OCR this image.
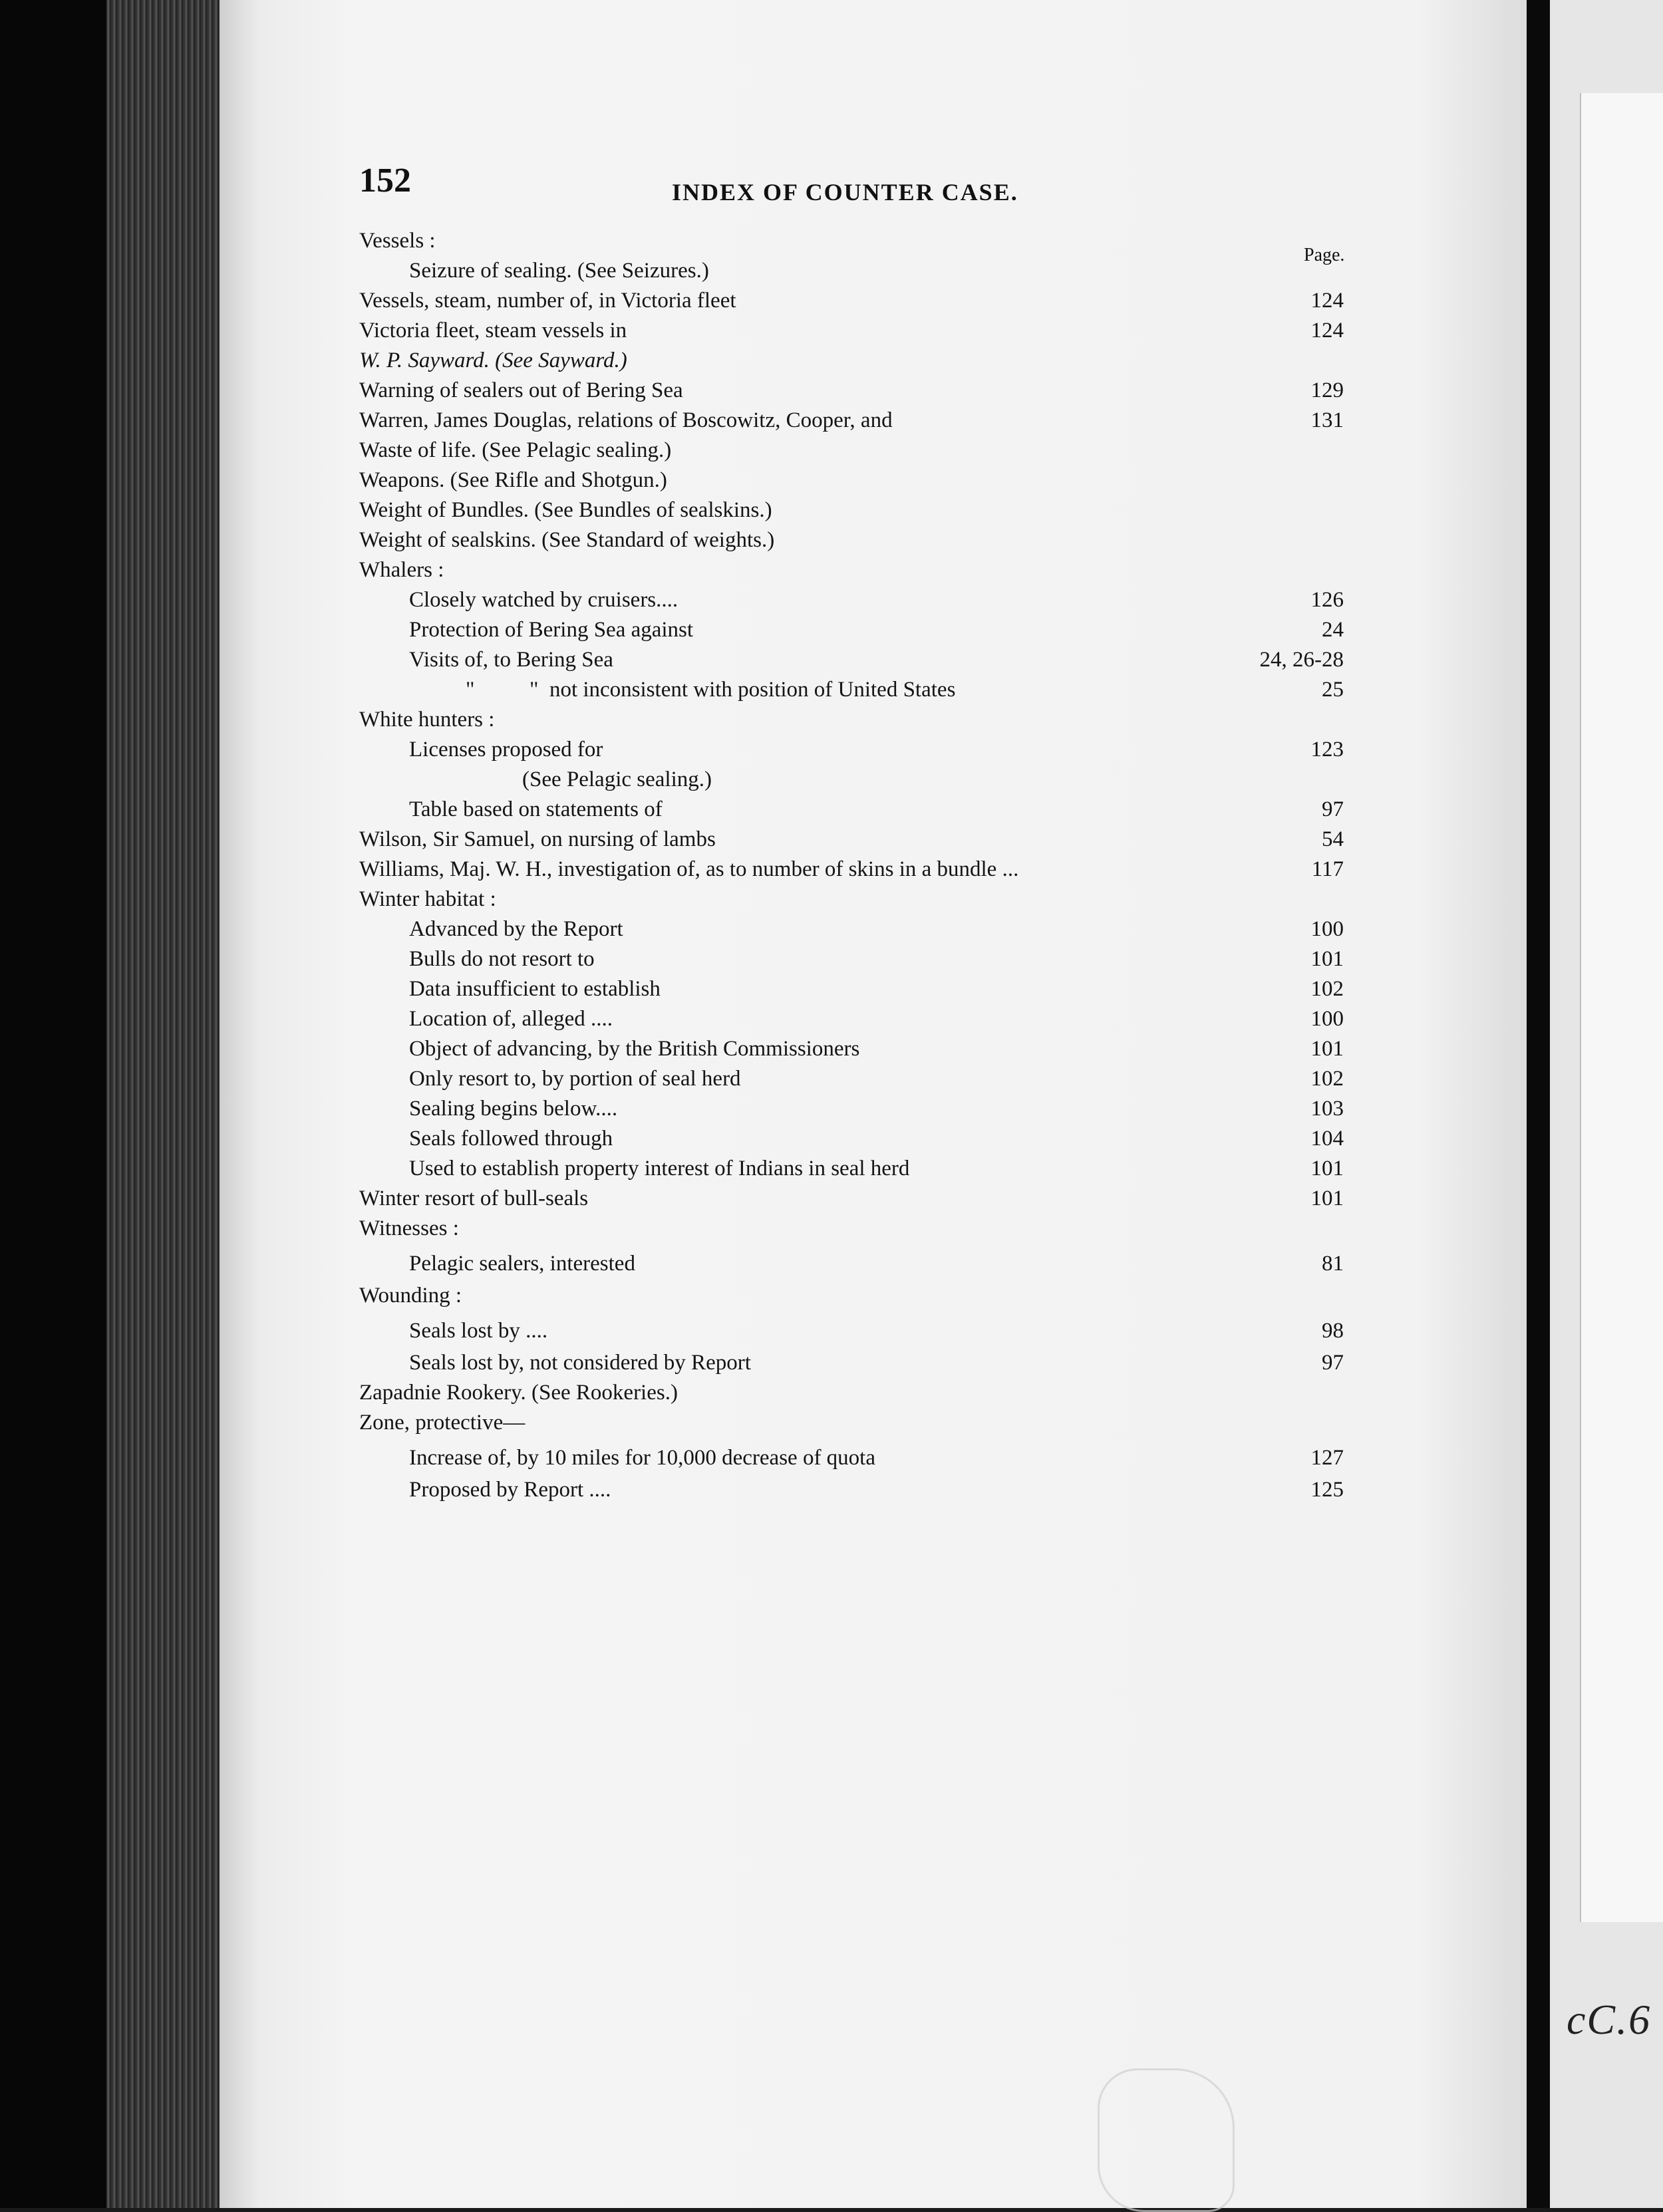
152	INDEX OF COUNTER CASE.
Page.
Vessels :
Seizure of sealing. (See Seizures.)
Vessels, steam, number of, in Victoria fleet	124
Victoria fleet, steam vessels in	124
W. P. Sayward. (See Sayward.)
Warning of sealers out of Bering Sea	129
Warren, James Douglas, relations of Boscowitz, Cooper, and	131
Waste of life. (See Pelagic sealing.)
Weapons. (See Rifle and Shotgun.)
Weight of Bundles. (See Bundles of sealskins.)
Weight of sealskins. (See Standard of weights.)
Whalers :
Closely watched by cruisers....	126
Protection of Bering Sea against	24
Visits of, to Bering Sea	24, 26-28
"          "  not inconsistent with position of United States	25
White hunters :
Licenses proposed for	123
(See Pelagic sealing.)
Table based on statements of	97
Wilson, Sir Samuel, on nursing of lambs	54
Williams, Maj. W. H., investigation of, as to number of skins in a bundle ...	117
Winter habitat :
Advanced by the Report	100
Bulls do not resort to	101
Data insufficient to establish	102
Location of, alleged ....	100
Object of advancing, by the British Commissioners	101
Only resort to, by portion of seal herd	102
Sealing begins below....	103
Seals followed through	104
Used to establish property interest of Indians in seal herd	101
Winter resort of bull-seals	101
Witnesses :
Pelagic sealers, interested	81
Wounding :
Seals lost by ....	98
Seals lost by, not considered by Report	97
Zapadnie Rookery. (See Rookeries.)
Zone, protective—
Increase of, by 10 miles for 10,000 decrease of quota	127
Proposed by Report ....	125
cC.6
